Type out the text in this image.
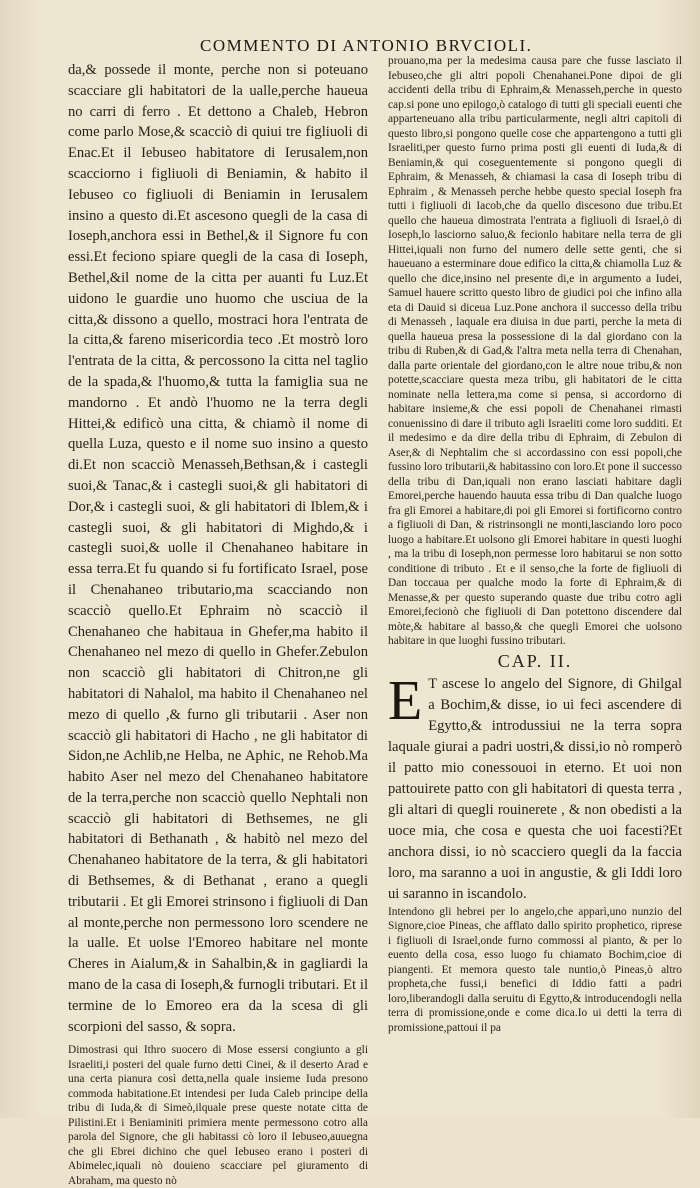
COMMENTO DI ANTONIO BRVCIOLI.

da,& possede il monte, perche non si poteuano scacciare gli habitatori de la ualle,perche haueua no carri di ferro . Et dettono a Chaleb, Hebron come parlo Mose,& scacciò di quiui tre figliuoli di Enac.Et il Iebuseo habitatore di Ierusalem,non scacciorno i figliuoli di Beniamin, & habito il Iebuseo co figliuoli di Beniamin in Ierusalem insino a questo di.Et ascesono quegli de la casa di Ioseph,anchora essi in Bethel,& il Signore fu con essi.Et feciono spiare quegli de la casa di Ioseph, Bethel,&il nome de la citta per auanti fu Luz.Et uidono le guardie uno huomo che usciua de la citta,& dissono a quello, mostraci hora l'entrata de la citta,& fareno misericordia teco .Et mostrò loro l'entrata de la citta, & percossono la citta nel taglio de la spada,& l'huomo,& tutta la famiglia sua ne mandorno . Et andò l'huomo ne la terra degli Hittei,& edificò una citta, & chiamò il nome di quella Luza, questo e il nome suo insino a questo di.Et non scacciò Menasseh,Bethsan,& i castegli suoi,& Tanac,& i castegli suoi,& gli habitatori di Dor,& i castegli suoi, & gli habitatori di Iblem,& i castegli suoi, & gli habitatori di Mighdo,& i castegli suoi,& uolle il Chenahaneo habitare in essa terra.Et fu quando si fu fortificato Israel, pose il Chenahaneo tributario,ma scacciando non scacciò quello.Et Ephraim nò scacciò il Chenahaneo che habitaua in Ghefer,ma habito il Chenahaneo nel mezo di quello in Ghefer.Zebulon non scacciò gli habitatori di Chitron,ne gli habitatori di Nahalol, ma habito il Chenahaneo nel mezo di quello ,& furno gli tributarii . Aser non scacciò gli habitatori di Hacho , ne gli habitator di Sidon,ne Achlib,ne Helba, ne Aphic, ne Rehob.Ma habito Aser nel mezo del Chenahaneo habitatore de la terra,perche non scacciò quello Nephtali non scacciò gli habitatori di Bethsemes, ne gli habitatori di Bethanath , & habitò nel mezo del Chenahaneo habitatore de la terra, & gli habitatori di Bethsemes, & di Bethanat , erano a quegli tributarii . Et gli Emorei strinsono i figliuoli di Dan al monte,perche non permessono loro scendere ne la ualle. Et uolse l'Emoreo habitare nel monte Cheres in Aialum,& in Sahalbin,& in gagliardi la mano de la casa di Ioseph,& furnogli tributari. Et il termine de lo Emoreo era da la scesa di gli scorpioni del sasso, & sopra.

Dimostrasi qui Ithro suocero di Mose essersi congiunto a gli Israeliti,i posteri del quale furno detti Cinei, & il deserto Arad e una certa pianura così detta,nella quale insieme Iuda presono commoda habitatione.Et intendesi per Iuda Caleb principe della tribu di Iuda,& di Simeò,ilquale prese queste notate citta de Pilistini.Et i Beniaminiti primiera mente permessono cotro alla parola del Signore, che gli habitassi cò loro il Iebuseo,auuegna che gli Ebrei dichino che quel Iebuseo erano i posteri di Abimelec,iquali nò douieno scacciare pel giuramento di Abraham, ma questo nò

prouano,ma per la medesima causa pare che fusse lasciato il Iebuseo,che gli altri popoli Chenahanei.Pone dipoi de gli accidenti della tribu di Ephraim,& Menasseh,perche in questo cap.si pone uno epilogo,ò catalogo di tutti gli speciali euenti che apparteneuano alla tribu particularmente, negli altri capitoli di questo libro,si pongono quelle cose che appartengono a tutti gli Israeliti,per questo furno prima posti gli euenti di Iuda,& di Beniamin,& qui coseguentemente si pongono quegli di Ephraim, & Menasseh, & chiamasi la casa di Ioseph tribu di Ephraim , & Menasseh perche hebbe questo special Ioseph fra tutti i figliuoli di Iacob,che da quello discesono due tribu.Et quello che haueua dimostrata l'entrata a figliuoli di Israel,ò di Ioseph,lo lasciorno saluo,& fecionlo habitare nella terra de gli Hittei,iquali non furno del numero delle sette genti, che si haueuano a esterminare doue edifico la citta,& chiamolla Luz & quello che dice,insino nel presente di,e in argumento a Iudei, Samuel hauere scritto questo libro de giudici poi che infino alla eta di Dauid si diceua Luz.Pone anchora il successo della tribu di Menasseh , laquale era diuisa in due parti, perche la meta di quella haueua presa la possessione di la dal giordano con la tribu di Ruben,& di Gad,& l'altra meta nella terra di Chenahan, dalla parte orientale del giordano,con le altre noue tribu,& non potette,scacciare questa meza tribu, gli habitatori de le citta nominate nella lettera,ma come si pensa, si accordorno di habitare insieme,& che essi popoli de Chenahanei rimasti conuenissino di dare il tributo agli Israeliti come loro sudditi. Et il medesimo e da dire della tribu di Ephraim, di Zebulon di Aser,& di Nephtalim che si accordassino con essi popoli,che fussino loro tributarii,& habitassino con loro.Et pone il successo della tribu di Dan,iquali non erano lasciati habitare dagli Emorei,perche hauendo hauuta essa tribu di Dan qualche luogo fra gli Emorei a habitare,di poi gli Emorei si fortificorno contro a figliuoli di Dan, & ristrinsongli ne monti,lasciando loro poco luogo a habitare.Et uolsono gli Emorei habitare in questi luoghi , ma la tribu di Ioseph,non permesse loro habitarui se non sotto conditione di tributo . Et e il senso,che la forte de figliuoli di Dan toccaua per qualche modo la forte di Ephraim,& di Menasse,& per questo superando quaste due tribu cotro agli Emorei,fecionò che figliuoli di Dan potettono discendere dal mòte,& habitare al basso,& che quegli Emorei che uolsono habitare in que luoghi fussino tributari.

CAP. II.

E T ascese lo angelo del Signore, di Ghilgal a Bochim,& disse, io ui feci ascendere di Egytto,& introdussiui ne la terra sopra laquale giurai a padri uostri,& dissi,io nò romperò il patto mio conessouoi in eterno. Et uoi non pattouirete patto con gli habitatori di questa terra , gli altari di quegli rouinerete , & non obedisti a la uoce mia, che cosa e questa che uoi facesti?Et anchora dissi, io nò scacciero quegli da la faccia loro, ma saranno a uoi in angustie, & gli Iddi loro ui saranno in iscandolo.

Intendono gli hebrei per lo angelo,che apparì,uno nunzio del Signore,cioe Pineas, che afflato dallo spirito prophetico, riprese i figliuoli di Israel,onde furno commossi al pianto, & per lo euento della cosa, esso luogo fu chiamato Bochim,cioe di piangenti. Et memora questo tale nuntio,ò Pineas,ò altro propheta,che fussi,i benefici di Iddio fatti a padri loro,liberandogli dalla seruitu di Egytto,& introducendogli nella terra di promissione,onde e come dica.Io ui detti la terra di promissione,pattoui il pa
